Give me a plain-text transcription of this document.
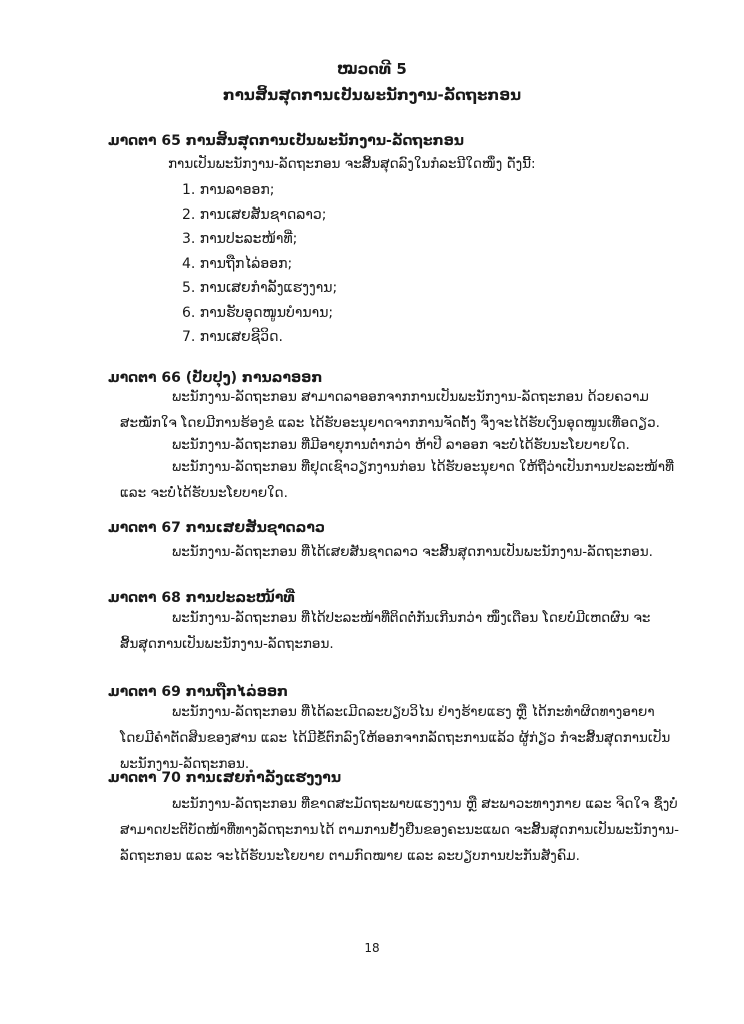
ໝວດທີ 5
ການສິ້ນສຸດການເປັນພະນັກງານ-ລັດຖະກອນ
ມາດຕາ 65 ການສິ້ນສຸດການເປັນພະນັກງານ-ລັດຖະກອນ
ການເປັນພະນັກງານ-ລັດຖະກອນ ຈະສິ້ນສຸດລົງໃນກໍລະນີໃດໜຶ່ງ ດັ່ງນີ້:
1. ການລາອອກ;
2. ການເສຍສັນຊາດລາວ;
3. ການປະລະໜ້າທີ່;
4. ການຖືກໄລ່ອອກ;
5. ການເສຍກຳລັງແຮງງານ;
6. ການຮັບອຸດໜູນບຳນານ;
7. ການເສຍຊີວິດ.
ມາດຕາ 66 (ປັບປຸງ) ການລາອອກ
ພະນັກງານ-ລັດຖະກອນ ສາມາດລາອອກຈາກການເປັນພະນັກງານ-ລັດຖະກອນ ດ້ວຍຄວາມສະໝັກໃຈ ໂດຍມີການຮ້ອງຂໍ ແລະ ໄດ້ຮັບອະນຸຍາດຈາກການຈັດຕັ້ງ ຈຶ່ງຈະໄດ້ຮັບເງິນອຸດໜູນເທື່ອດຽວ.
ພະນັກງານ-ລັດຖະກອນ ທີ່ມີອາຍຸການຕໍ່າກວ່າ ຫ້າປີ ລາອອກ ຈະບໍ່ໄດ້ຮັບນະໂຍບາຍໃດ.
ພະນັກງານ-ລັດຖະກອນ ທີ່ຢຸດເຊົາວຽກງານກ່ອນ ໄດ້ຮັບອະນຸຍາດ ໃຫ້ຖືວ່າເປັນການປະລະໜ້າທີ່ ແລະ ຈະບໍ່ໄດ້ຮັບນະໂຍບາຍໃດ.
ມາດຕາ 67 ການເສຍສັນຊາດລາວ
ພະນັກງານ-ລັດຖະກອນ ທີ່ໄດ້ເສຍສັນຊາດລາວ ຈະສິ້ນສຸດການເປັນພະນັກງານ-ລັດຖະກອນ.
ມາດຕາ 68 ການປະລະໜ້າທີ່
ພະນັກງານ-ລັດຖະກອນ ທີ່ໄດ້ປະລະໜ້າທີ່ຕິດຕໍ່ກັນເກີນກວ່າ ໜຶ່ງເດືອນ ໂດຍບໍ່ມີເຫດຜົນ ຈະສິ້ນສຸດການເປັນພະນັກງານ-ລັດຖະກອນ.
ມາດຕາ 69 ການຖືກໄລ່ອອກ
ພະນັກງານ-ລັດຖະກອນ ທີ່ໄດ້ລະເມີດລະບຽບວິໄນ ຢ່າງຮ້າຍແຮງ ຫຼື ໄດ້ກະທຳຜິດທາງອາຍາ ໂດຍມີຄຳຕັດສິນຂອງສານ ແລະ ໄດ້ມີຂໍ້ຕົກລົງໃຫ້ອອກຈາກລັດຖະການແລ້ວ ຜູ້ກ່ຽວ ກໍຈະສິ້ນສຸດການເປັນພະນັກງານ-ລັດຖະກອນ.
ມາດຕາ 70 ການເສຍກຳລັງແຮງງານ
ພະນັກງານ-ລັດຖະກອນ ທີ່ຂາດສະມັດຖະພາບແຮງງານ ຫຼື ສະພາວະທາງກາຍ ແລະ ຈິດໃຈ ຊຶ່ງບໍ່ສາມາດປະຕິບັດໜ້າທີ່ທາງລັດຖະການໄດ້ ຕາມການຢັ້ງຢືນຂອງຄະນະແພດ ຈະສິ້ນສຸດການເປັນພະນັກງານ-ລັດຖະກອນ ແລະ ຈະໄດ້ຮັບນະໂຍບາຍ ຕາມກົດໝາຍ ແລະ ລະບຽບການປະກັນສັງຄົມ.
18
